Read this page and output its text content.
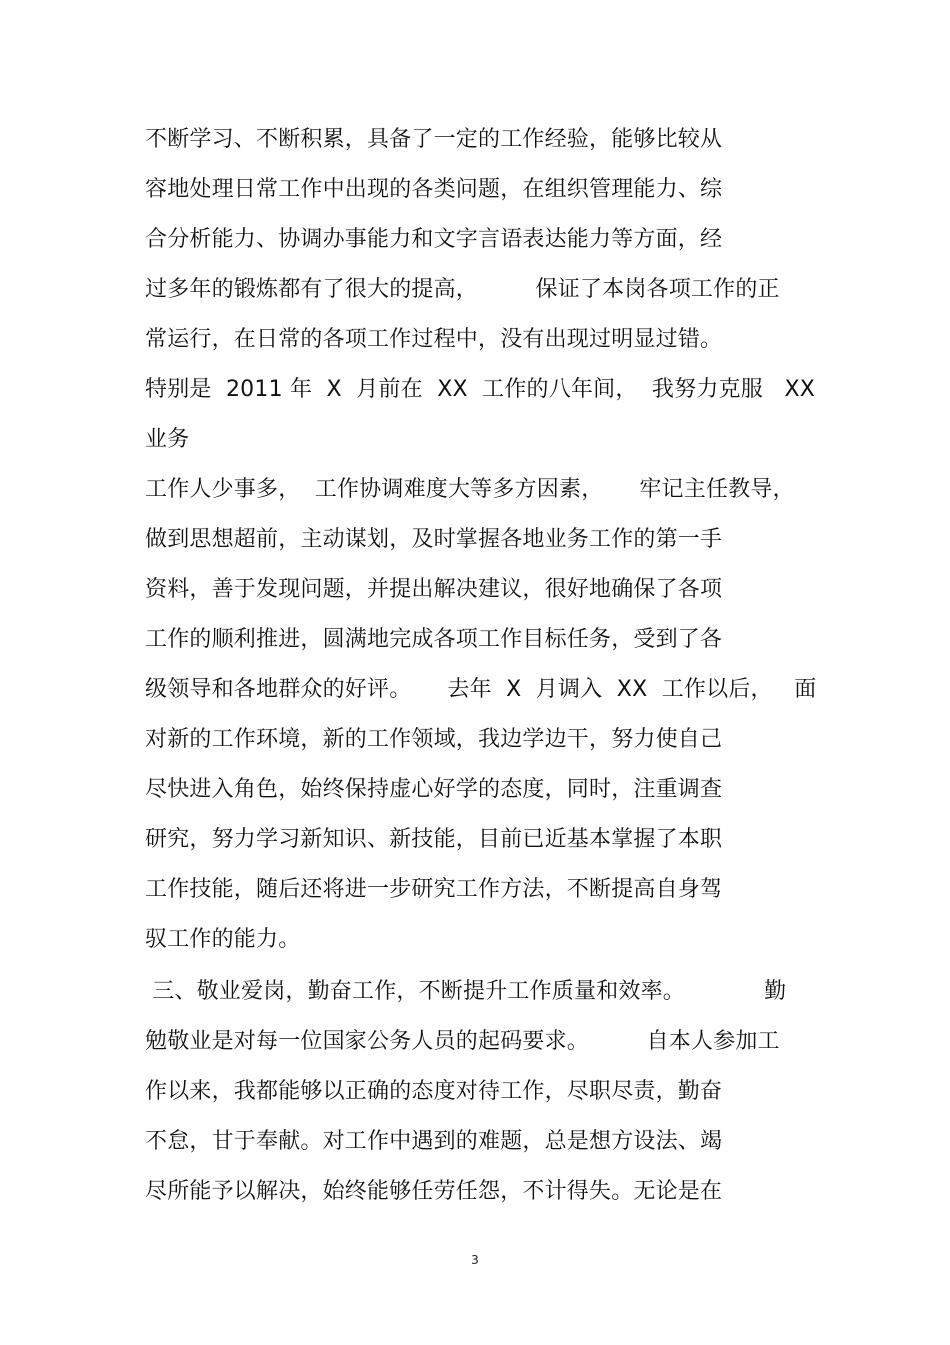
不断学习、不断积累，具备了一定的工作经验，能够比较从
容地处理日常工作中出现的各类问题，在组织管理能力、综
合分析能力、协调办事能力和文字言语表达能力等方面，经
过多年的锻炼都有了很大的提高，        保证了本岗各项工作的正
常运行，在日常的各项工作过程中，没有出现过明显过错。
特别是  2011 年  X  月前在  XX  工作的八年间，  我努力克服   XX
业务
工作人少事多，  工作协调难度大等多方因素，     牢记主任教导，
做到思想超前，主动谋划，及时掌握各地业务工作的第一手
资料，善于发现问题，并提出解决建议，很好地确保了各项
工作的顺利推进，圆满地完成各项工作目标任务，受到了各
级领导和各地群众的好评。     去年  X  月调入  XX  工作以后，   面
对新的工作环境，新的工作领域，我边学边干，努力使自己
尽快进入角色，始终保持虚心好学的态度，同时，注重调查
研究，努力学习新知识、新技能，目前已近基本掌握了本职
工作技能，随后还将进一步研究工作方法，不断提高自身驾
驭工作的能力。
三、敬业爱岗，勤奋工作，不断提升工作质量和效率。           勤
勉敬业是对每一位国家公务人员的起码要求。        自本人参加工
作以来，我都能够以正确的态度对待工作，尽职尽责，勤奋
不怠，甘于奉献。对工作中遇到的难题，总是想方设法、竭
尽所能予以解决，始终能够任劳任怨，不计得失。无论是在
3
